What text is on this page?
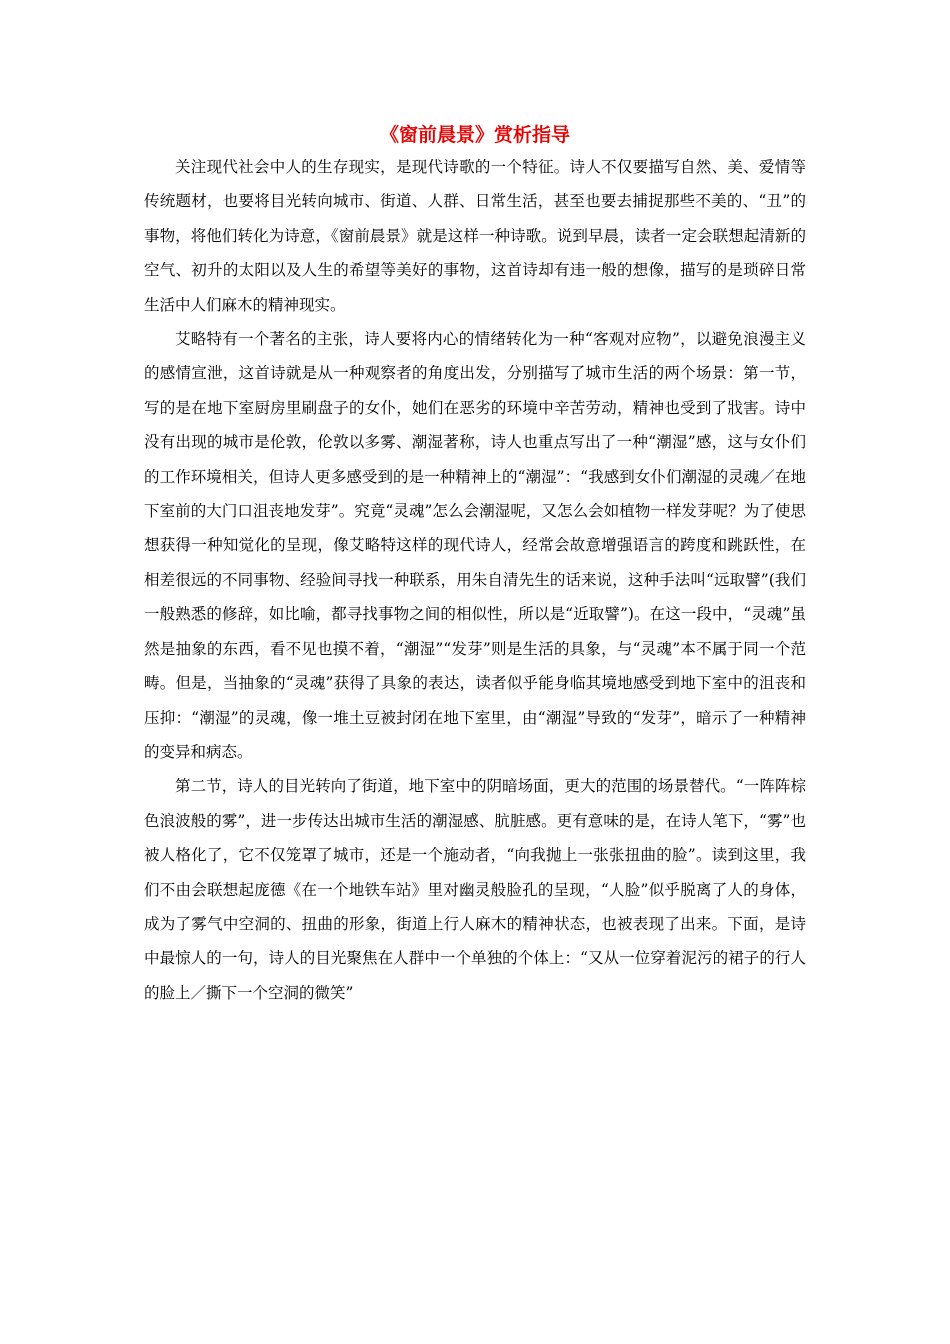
《窗前晨景》赏析指导

关注现代社会中人的生存现实，是现代诗歌的一个特征。诗人不仅要描写自然、美、爱情等传统题材，也要将目光转向城市、街道、人群、日常生活，甚至也要去捕捉那些不美的、“丑”的事物，将他们转化为诗意，《窗前晨景》就是这样一种诗歌。说到早晨，读者一定会联想起清新的空气、初升的太阳以及人生的希望等美好的事物，这首诗却有违一般的想像，描写的是琐碎日常生活中人们麻木的精神现实。

艾略特有一个著名的主张，诗人要将内心的情绪转化为一种“客观对应物”，以避免浪漫主义的感情宣泄，这首诗就是从一种观察者的角度出发，分别描写了城市生活的两个场景：第一节，写的是在地下室厨房里刷盘子的女仆，她们在恶劣的环境中辛苦劳动，精神也受到了戕害。诗中没有出现的城市是伦敦，伦敦以多雾、潮湿著称，诗人也重点写出了一种“潮湿”感，这与女仆们的工作环境相关，但诗人更多感受到的是一种精神上的“潮湿”：“我感到女仆们潮湿的灵魂／在地下室前的大门口沮丧地发芽”。究竟“灵魂”怎么会潮湿呢，又怎么会如植物一样发芽呢？为了使思想获得一种知觉化的呈现，像艾略特这样的现代诗人，经常会故意增强语言的跨度和跳跃性，在相差很远的不同事物、经验间寻找一种联系，用朱自清先生的话来说，这种手法叫“远取譬”(我们一般熟悉的修辞，如比喻，都寻找事物之间的相似性，所以是“近取譬”)。在这一段中，“灵魂”虽然是抽象的东西，看不见也摸不着，“潮湿”“发芽”则是生活的具象，与“灵魂”本不属于同一个范畴。但是，当抽象的“灵魂”获得了具象的表达，读者似乎能身临其境地感受到地下室中的沮丧和压抑：“潮湿”的灵魂，像一堆土豆被封闭在地下室里，由“潮湿”导致的“发芽”，暗示了一种精神的变异和病态。

第二节，诗人的目光转向了街道，地下室中的阴暗场面，更大的范围的场景替代。“一阵阵棕色浪波般的雾”，进一步传达出城市生活的潮湿感、肮脏感。更有意味的是，在诗人笔下，“雾”也被人格化了，它不仅笼罩了城市，还是一个施动者，“向我抛上一张张扭曲的脸”。读到这里，我们不由会联想起庞德《在一个地铁车站》里对幽灵般脸孔的呈现，“人脸”似乎脱离了人的身体，成为了雾气中空洞的、扭曲的形象，街道上行人麻木的精神状态，也被表现了出来。下面，是诗中最惊人的一句，诗人的目光聚焦在人群中一个单独的个体上：“又从一位穿着泥污的裙子的行人的脸上／撕下一个空洞的微笑”
